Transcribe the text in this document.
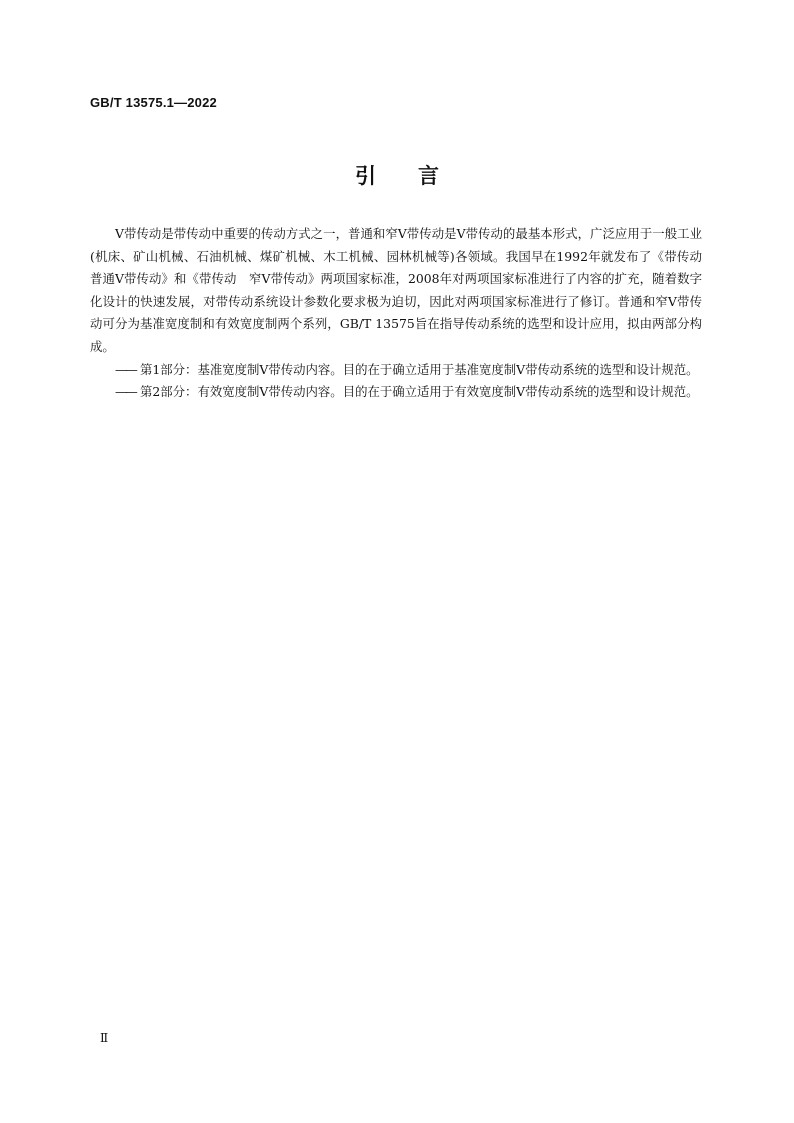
GB/T 13575.1—2022
引 言

V带传动是带传动中重要的传动方式之一，普通和窄V带传动是V带传动的最基本形式，广泛应用于一般工业(机床、矿山机械、石油机械、煤矿机械、木工机械、园林机械等)各领域。我国早在1992年就发布了《带传动　普通V带传动》和《带传动　窄V带传动》两项国家标准，2008年对两项国家标准进行了内容的扩充，随着数字化设计的快速发展，对带传动系统设计参数化要求极为迫切，因此对两项国家标准进行了修订。普通和窄V带传动可分为基准宽度制和有效宽度制两个系列，GB/T 13575旨在指导传动系统的选型和设计应用，拟由两部分构成。

—— 第1部分：基准宽度制V带传动内容。目的在于确立适用于基准宽度制V带传动系统的选型和设计规范。

—— 第2部分：有效宽度制V带传动内容。目的在于确立适用于有效宽度制V带传动系统的选型和设计规范。

Ⅱ
